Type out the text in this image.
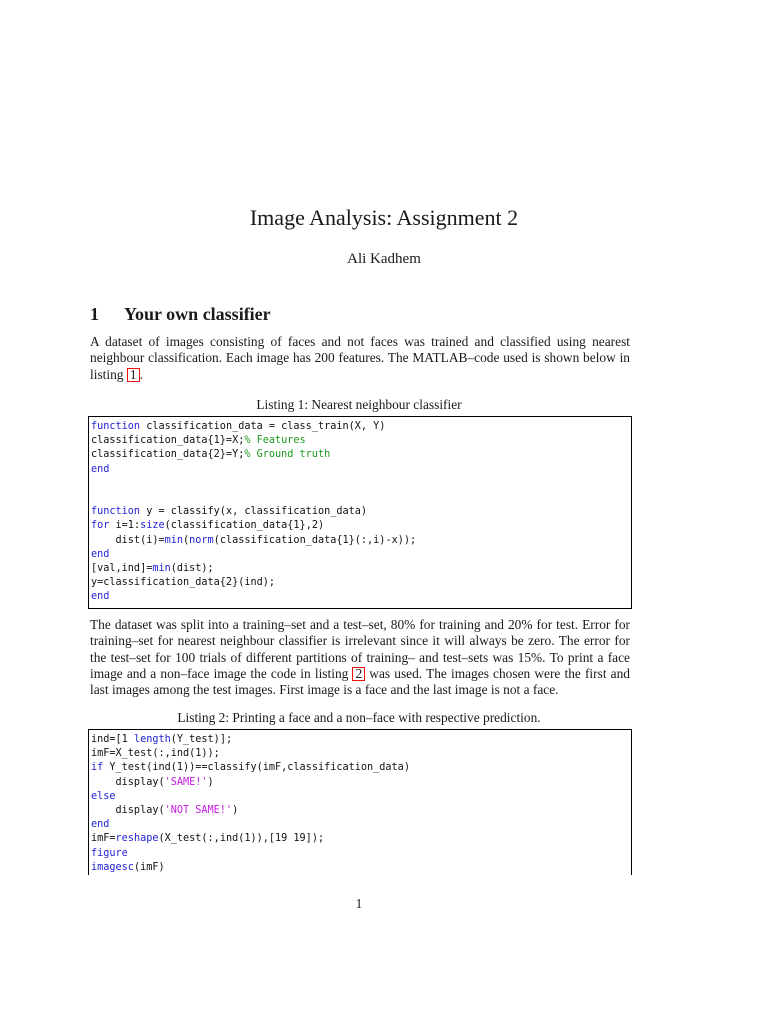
Image Analysis: Assignment 2
Ali Kadhem
1 Your own classifier
A dataset of images consisting of faces and not faces was trained and classified using nearest neighbour classification. Each image has 200 features. The MATLAB–code used is shown below in listing 1 .
Listing 1: Nearest neighbour classifier
function classification_data = class_train(X, Y)
classification_data{1}=X;% Features
classification_data{2}=Y;% Ground truth
end
function y = classify(x, classification_data)
for i=1:size(classification_data{1},2)
dist(i)=min(norm(classification_data{1}(:,i)-x));
end
[val,ind]=min(dist);
y=classification_data{2}(ind);
end
The dataset was split into a training–set and a test–set, 80% for training and 20% for test. Error for training–set for nearest neighbour classifier is irrelevant since it will always be zero. The error for the test–set for 100 trials of different partitions of training– and test–sets was 15%. To print a face image and a non–face image the code in listing 2 was used. The images chosen were the first and last images among the test images. First image is a face and the last image is not a face.
Listing 2: Printing a face and a non–face with respective prediction.
ind=[1 length(Y_test)];
imF=X_test(:,ind(1));
if Y_test(ind(1))==classify(imF,classification_data)
display('SAME!')
else
display('NOT SAME!')
end
imF=reshape(X_test(:,ind(1)),[19 19]);
figure
imagesc(imF)
1
